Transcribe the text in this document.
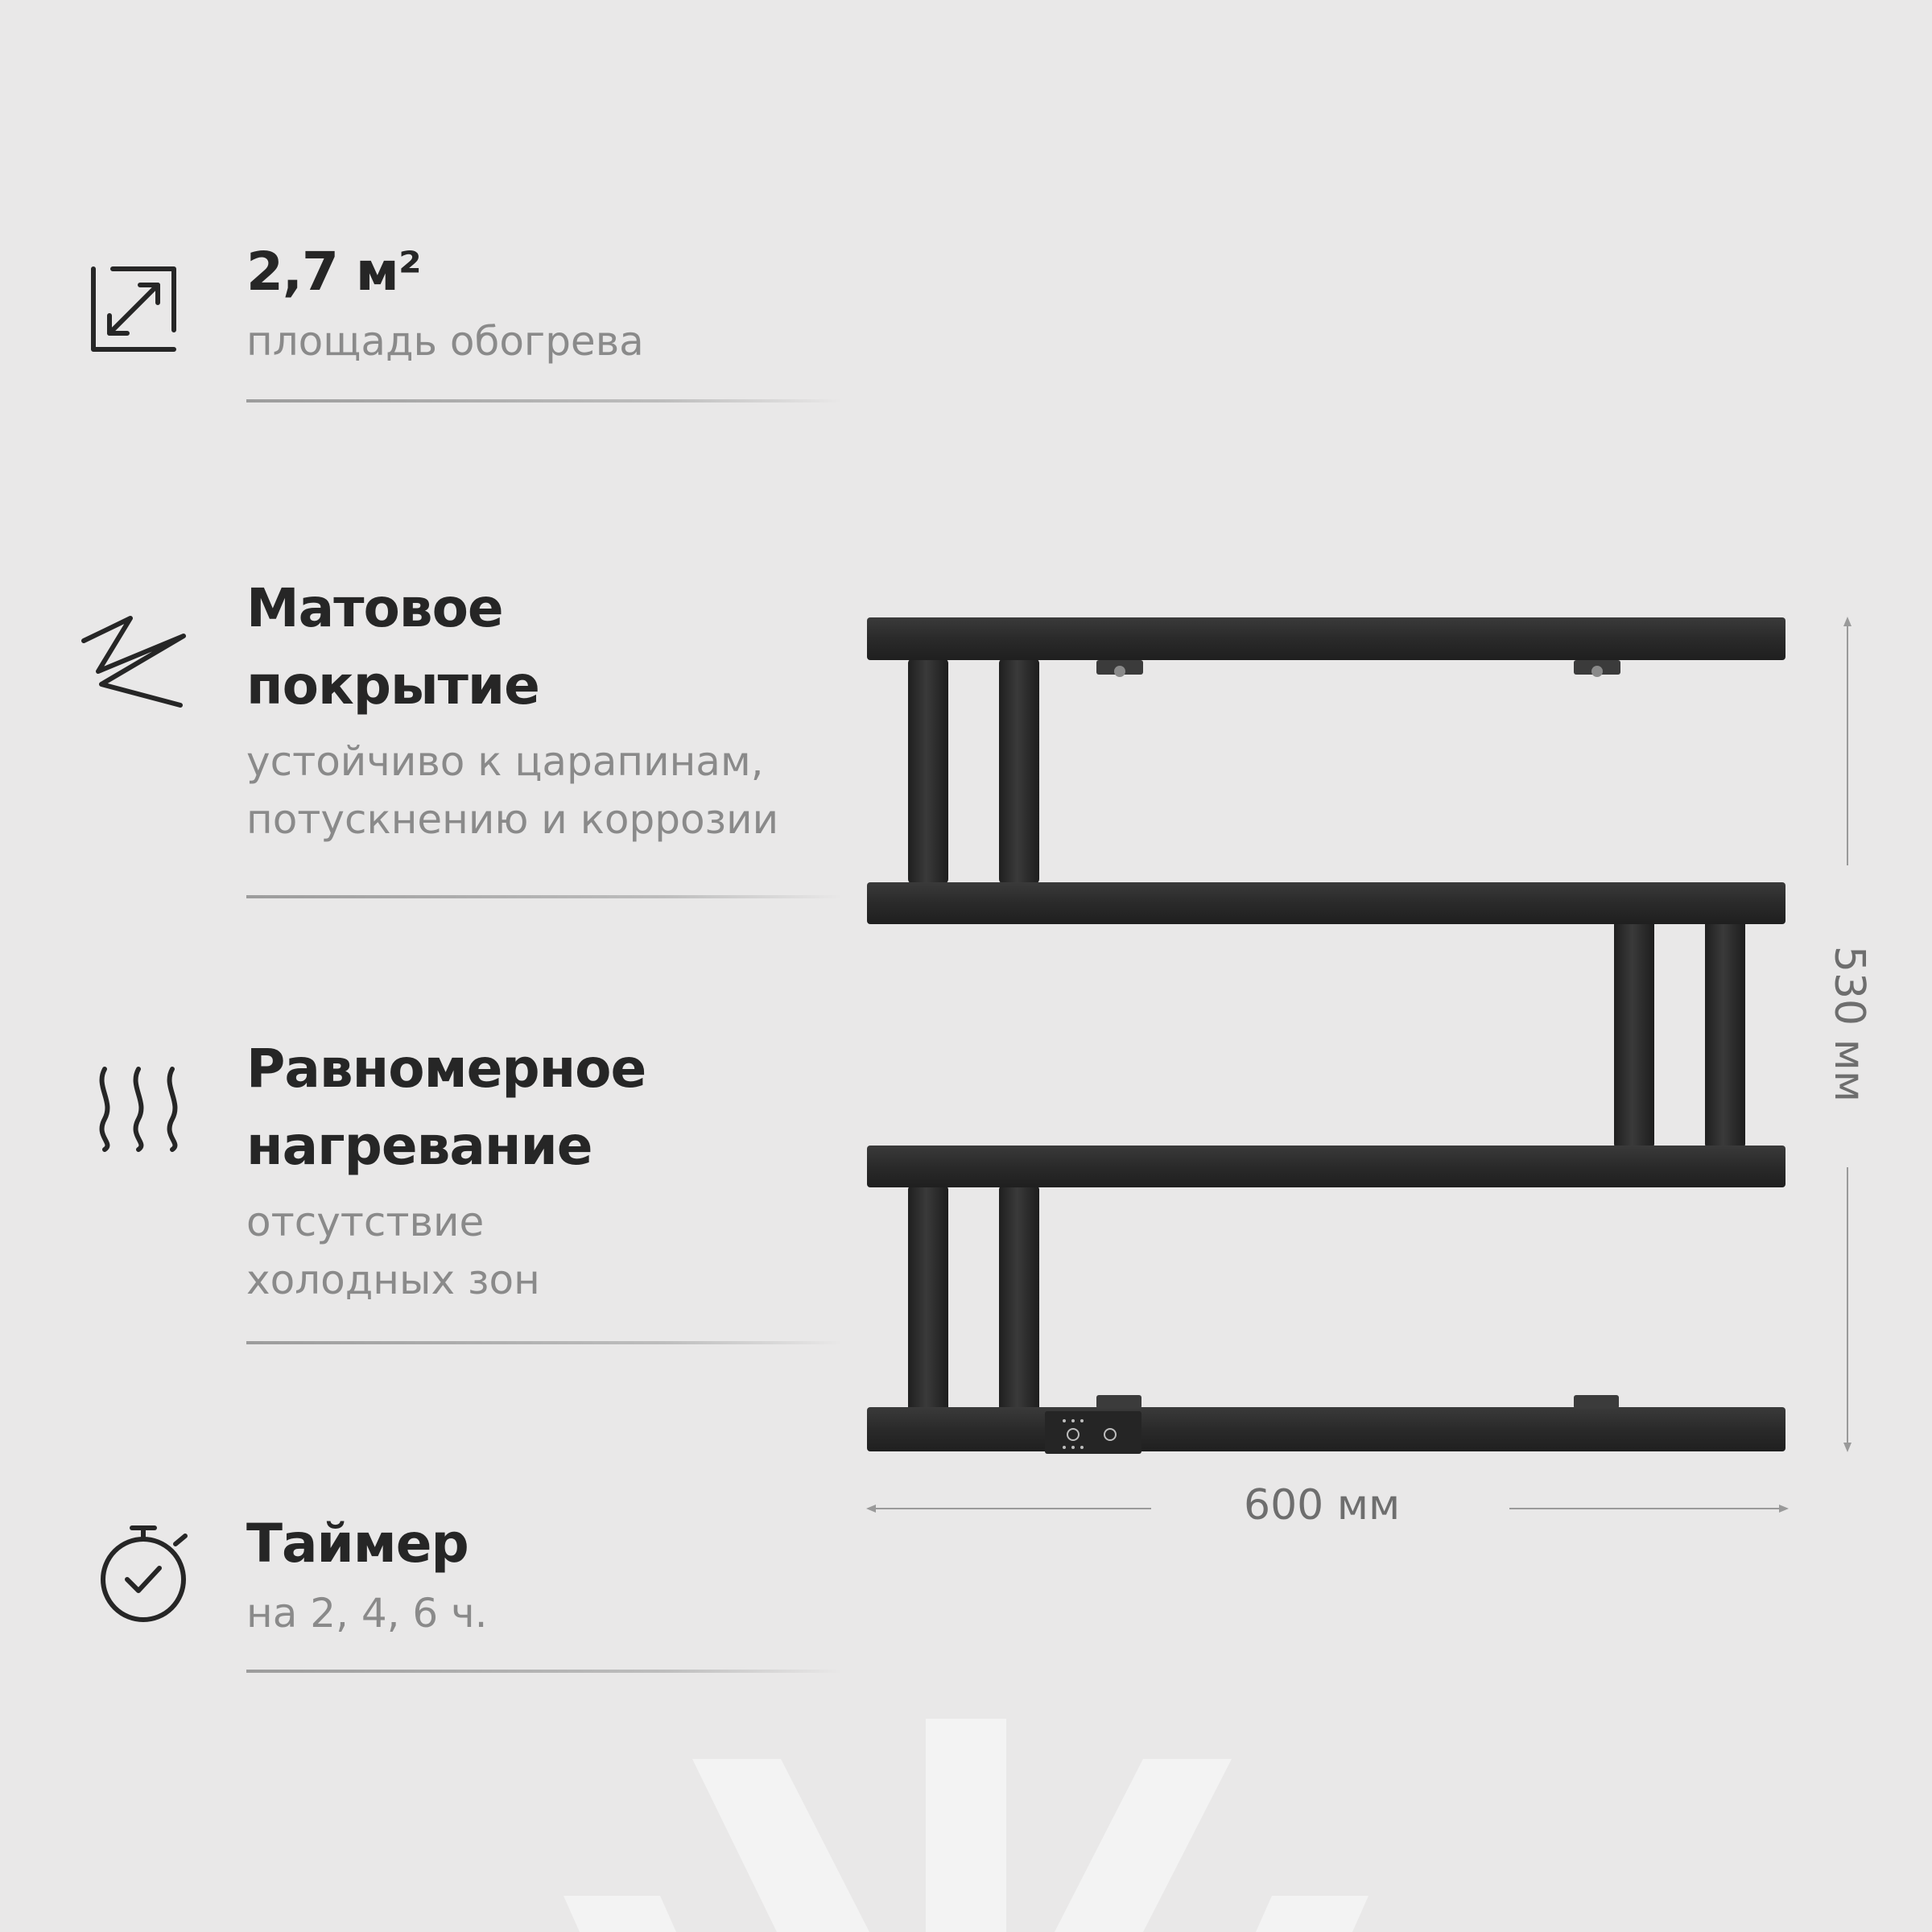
2,7 м²
площадь обогрева
Матовое
покрытие
устойчиво к царапинам,
потускнению и коррозии
Равномерное
нагревание
отсутствие
холодных зон
Таймер
на 2, 4, 6 ч.
600 мм
530 мм
